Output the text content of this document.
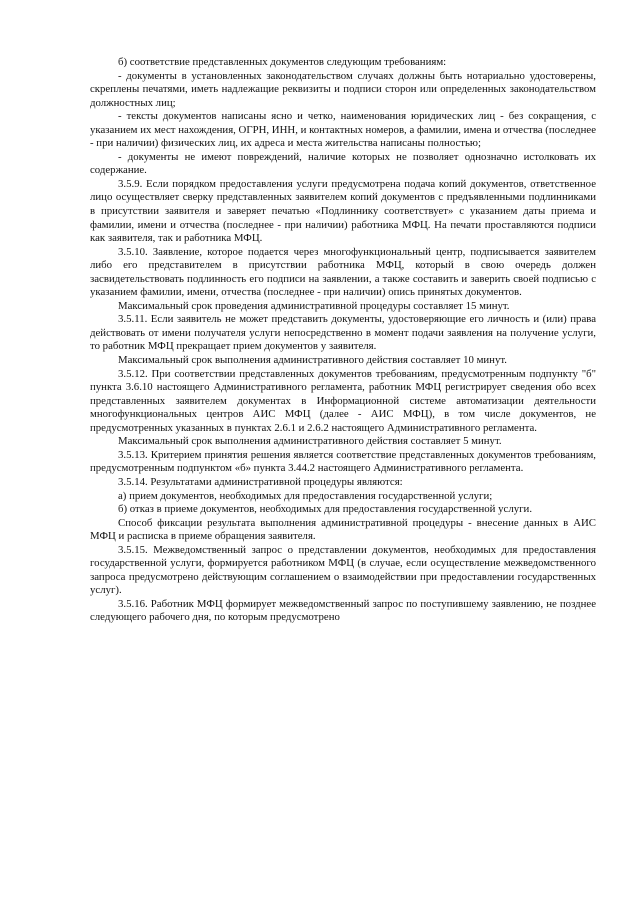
б) соответствие представленных документов следующим требованиям:

- документы в установленных законодательством случаях должны быть нотариально удостоверены, скреплены печатями, иметь надлежащие реквизиты и подписи сторон или определенных законодательством должностных лиц;

- тексты документов написаны ясно и четко, наименования юридических лиц - без сокращения, с указанием их мест нахождения, ОГРН, ИНН, и контактных номеров, а фамилии, имена и отчества (последнее - при наличии) физических лиц, их адреса и места жительства написаны полностью;

- документы не имеют повреждений, наличие которых не позволяет однозначно истолковать их содержание.

3.5.9. Если порядком предоставления услуги предусмотрена подача копий документов, ответственное лицо осуществляет сверку представленных заявителем копий документов с предъявленными подлинниками в присутствии заявителя и заверяет печатью «Подлиннику соответствует» с указанием даты приема и фамилии, имени и отчества (последнее - при наличии) работника МФЦ. На печати проставляются подписи как заявителя, так и работника МФЦ.

3.5.10. Заявление, которое подается через многофункциональный центр, подписывается заявителем либо его представителем в присутствии работника МФЦ, который в свою очередь должен засвидетельствовать подлинность его подписи на заявлении, а также составить и заверить своей подписью с указанием фамилии, имени, отчества (последнее - при наличии) опись принятых документов.

Максимальный срок проведения административной процедуры составляет 15 минут.

3.5.11. Если заявитель не может представить документы, удостоверяющие его личность и (или) права действовать от имени получателя услуги непосредственно в момент подачи заявления на получение услуги, то работник МФЦ прекращает прием документов у заявителя.

Максимальный срок выполнения административного действия составляет 10 минут.

3.5.12. При соответствии представленных документов требованиям, предусмотренным подпункту "б" пункта 3.6.10 настоящего Административного регламента, работник МФЦ регистрирует сведения обо всех представленных заявителем документах в Информационной системе автоматизации деятельности многофункциональных центров АИС МФЦ (далее - АИС МФЦ), в том числе документов, не предусмотренных указанных в пунктах 2.6.1 и 2.6.2 настоящего Административного регламента.

Максимальный срок выполнения административного действия составляет 5 минут.

3.5.13. Критерием принятия решения является соответствие представленных документов требованиям, предусмотренным подпунктом «б» пункта 3.44.2 настоящего Административного регламента.

3.5.14. Результатами административной процедуры являются:

а) прием документов, необходимых для предоставления государственной услуги;

б) отказ в приеме документов, необходимых для предоставления государственной услуги.

Способ фиксации результата выполнения административной процедуры - внесение данных в АИС МФЦ и расписка в приеме обращения заявителя.

3.5.15. Межведомственный запрос о представлении документов, необходимых для предоставления государственной услуги, формируется работником МФЦ (в случае, если осуществление межведомственного запроса предусмотрено действующим соглашением о взаимодействии при предоставлении государственных услуг).

3.5.16. Работник МФЦ формирует межведомственный запрос по поступившему заявлению, не позднее следующего рабочего дня, по которым предусмотрено
